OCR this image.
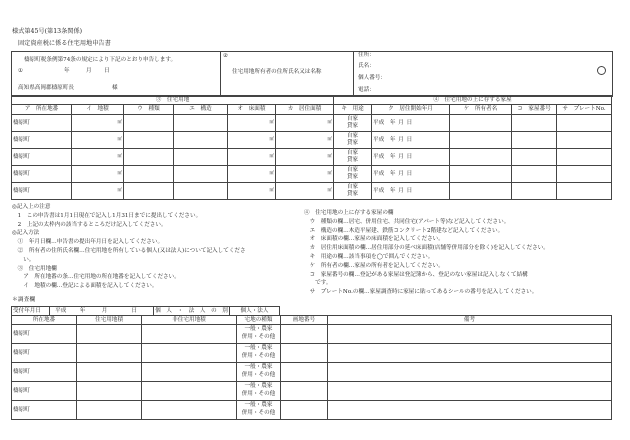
様式第45号(第13条関係)
固定資産税に係る住宅用地申告書
檮原町税条例第74条の規定により下記のとおり申告します。
①	年	月 日
高知県高岡郡檮原町長	様
②
住宅用地所有者の住所氏名又は名称
住所：
氏名：
個人番号：
電話：
③　住宅用地						④　住宅用地の上に存する家屋				
ア　所在地番	イ　地積	ウ　種類	エ　構造	オ　床面積	カ　居住面積	キ　用途	ク　居住開始年月	ケ　所有者名	コ　家屋番号	サ　プレートNo.
檮原町	㎡			㎡	㎡	自家
貸家	平成  年  月  日			
檮原町	㎡			㎡	㎡	自家
貸家	平成  年  月  日			
檮原町	㎡			㎡	㎡	自家
貸家	平成  年  月  日			
檮原町	㎡			㎡	㎡	自家
貸家	平成  年  月  日			
檮原町	㎡			㎡	㎡	自家
貸家	平成  年  月  日			
◎記入上の注意
　1　この申告書は1月1日現在で記入し1月31日までに提出してください。
　2　上記の太枠内の該当するところだけ記入してください。
◎記入方法
　①　年月日欄…申告書の提出年月日を記入してください。
　②　所有者の住所氏名欄…住宅用地を所有している個人(又は法人)について記入してくださ
　　い。
　③　住宅用地欄
　　ア　所在地番の条…住宅用地の所在地番を記入してください。
　　イ　地積の欄…登記による面積を記入してください。
④　住宅用地の上に存する家屋の欄
　ウ　種類の欄…居宅、併用住宅、共同住宅(アパート等)など記入してください。
　エ　構造の欄…木造平屋建、鉄筋コンクリート2階建など記入してください。
　オ　床面積の欄…家屋の床面積を記入してください。
　カ　居住用床面積の欄…居住用部分の延べ床面積(店舗等併用部分を除く)を記入してください。
　キ　用途の欄…該当事項を◯で囲んでください。
　ケ　所有者の欄…家屋の所有者を記入してください。
　コ　家屋番号の欄…登記がある家屋は登記簿から、登記のない家屋は記入しなくて結構
　　です。
　サ　プレートNo.の欄…家屋調査時に家屋に貼ってあるシールの番号を記入してください。
＊調査欄
受付年月日	平成	年	月	日	個　人　・　法　人　の　別	個人・法人
所在地番	住宅用地積	非住宅用地積	宅地の種類	画地番号	備考
檮原町			一般・農家
併用・その他		

檮原町			一般・農家
併用・その他		

檮原町			一般・農家
併用・その他		

檮原町			一般・農家
併用・その他		

檮原町			一般・農家
併用・その他		
